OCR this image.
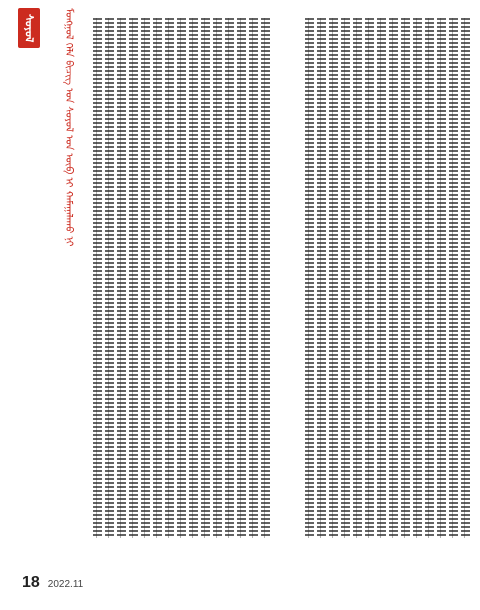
ᠰᠣᠶᠣᠯ	ᠮᠣᠩᠭᠣᠯ ᠬᠡᠯᠡ ᠪᠢᠴᠢᠭ ᠤᠨ ᠰᠣᠶᠣᠯ ᠤᠨ ᠦᠪ ᠢ ᠬᠠᠮᠠᠭᠠᠯᠠᠬᠤ ᠨᠢ
18 2022.11
